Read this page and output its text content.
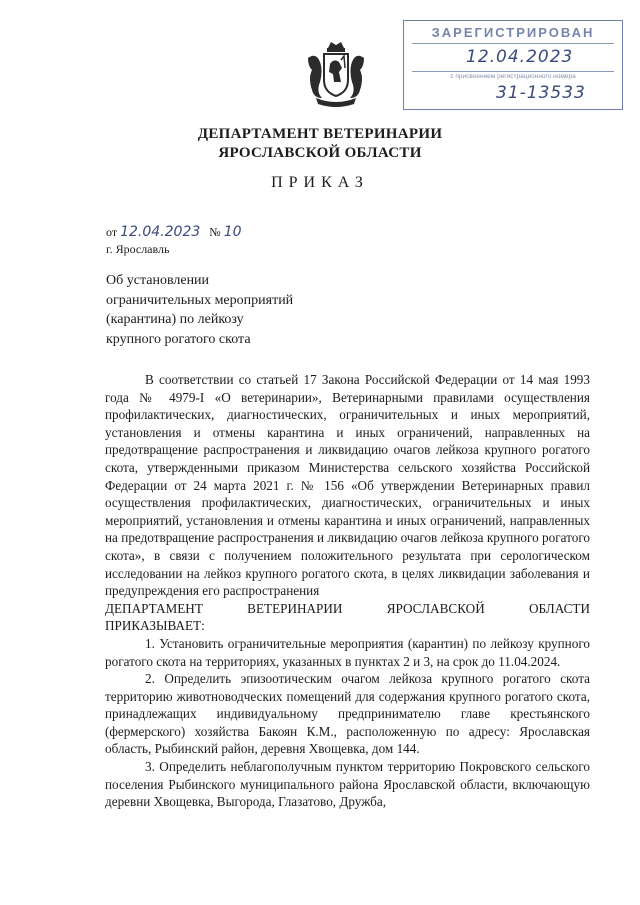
ЗАРЕГИСТРИРОВАН
12.04.2023
с присвоением регистрационного номера
31-13533
ДЕПАРТАМЕНТ ВЕТЕРИНАРИИ
ЯРОСЛАВСКОЙ ОБЛАСТИ
ПРИКАЗ
от 12.04.2023 № 10
г. Ярославль
Об установлении
ограничительных мероприятий
(карантина) по лейкозу
крупного рогатого скота

В соответствии со статьей 17 Закона Российской Федерации от 14 мая 1993 года № 4979-I «О ветеринарии», Ветеринарными правилами осуществления профилактических, диагностических, ограничительных и иных мероприятий, установления и отмены карантина и иных ограничений, направленных на предотвращение распространения и ликвидацию очагов лейкоза крупного рогатого скота, утвержденными приказом Министерства сельского хозяйства Российской Федерации от 24 марта 2021 г. № 156 «Об утверждении Ветеринарных правил осуществления профилактических, диагностических, ограничительных и иных мероприятий, установления и отмены карантина и иных ограничений, направленных на предотвращение распространения и ликвидацию очагов лейкоза крупного рогатого скота», в связи с получением положительного результата при серологическом исследовании на лейкоз крупного рогатого скота, в целях ликвидации заболевания и предупреждения его распространения

ДЕПАРТАМЕНТ	ВЕТЕРИНАРИИ	ЯРОСЛАВСКОЙ	ОБЛАСТИ
ПРИКАЗЫВАЕТ:

1. Установить ограничительные мероприятия (карантин) по лейкозу крупного рогатого скота на территориях, указанных в пунктах 2 и 3, на срок до 11.04.2024.

2. Определить эпизоотическим очагом лейкоза крупного рогатого скота территорию животноводческих помещений для содержания крупного рогатого скота, принадлежащих индивидуальному предпринимателю главе крестьянского (фермерского) хозяйства Бакоян К.М., расположенную по адресу: Ярославская область, Рыбинский район, деревня Хвощевка, дом 144.

3. Определить неблагополучным пунктом территорию Покровского сельского поселения Рыбинского муниципального района Ярославской области, включающую деревни Хвощевка, Выгорода, Глазатово, Дружба,
